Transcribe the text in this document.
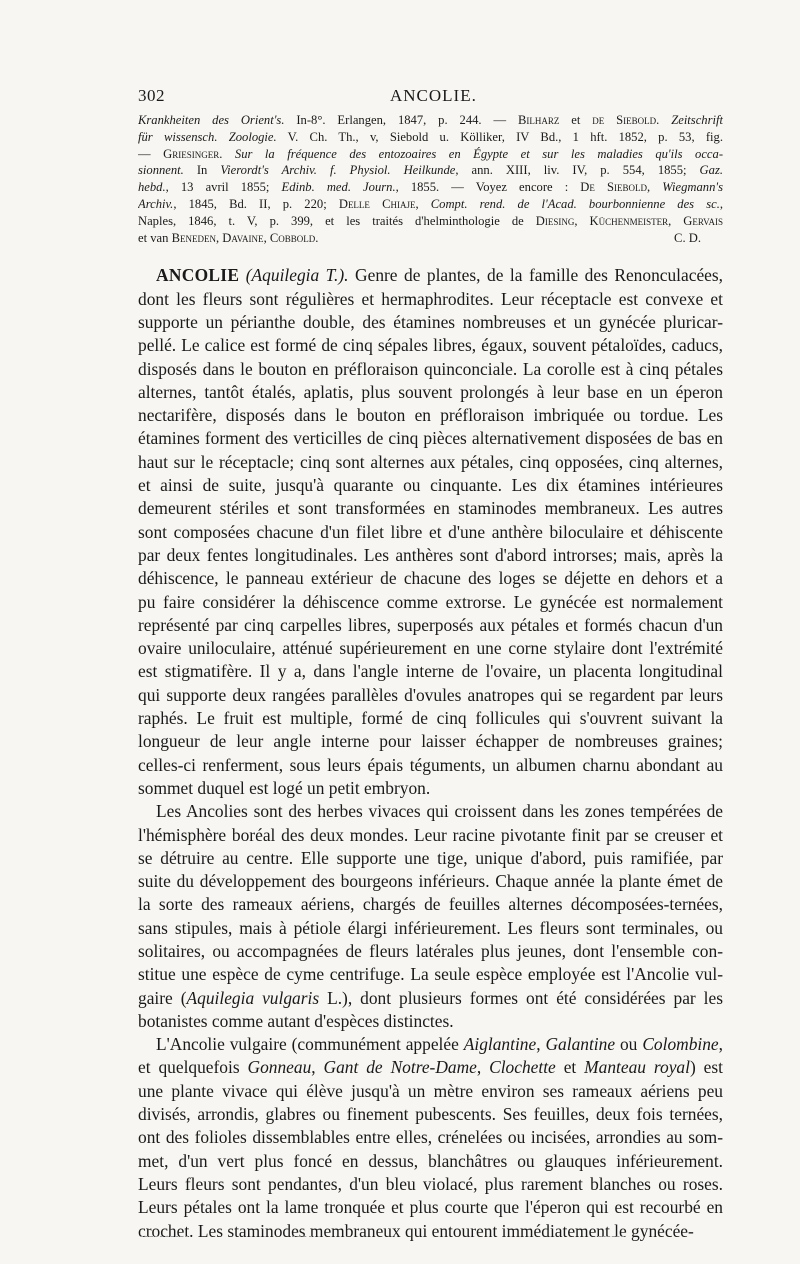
302	ANCOLIE.
Krankheiten des Orient's. In-8°. Erlangen, 1847, p. 244. — Bilharz et de Siebold. Zeitschrift
für wissensch. Zoologie. V. Ch. Th., v, Siebold u. Kölliker, IV Bd., 1 hft. 1852, p. 53, fig.
— Griesinger. Sur la fréquence des entozoaires en Égypte et sur les maladies qu'ils occa-
sionnent. In Vierordt's Archiv. f. Physiol. Heilkunde, ann. XIII, liv. IV, p. 554, 1855; Gaz.
hebd., 13 avril 1855; Edinb. med. Journ., 1855. — Voyez encore : De Siebold, Wiegmann's
Archiv., 1845, Bd. II, p. 220; Delle Chiaje, Compt. rend. de l'Acad. bourbonnienne des sc.,
Naples, 1846, t. V, p. 399, et les traités d'helminthologie de Diesing, Küchenmeister, Gervais
et van Beneden, Davaine, Cobbold.	C. D.
ANCOLIE (Aquilegia T.). Genre de plantes, de la famille des Renonculacées,
dont les fleurs sont régulières et hermaphrodites. Leur réceptacle est convexe et
supporte un périanthe double, des étamines nombreuses et un gynécée pluricar-
pellé. Le calice est formé de cinq sépales libres, égaux, souvent pétaloïdes, caducs,
disposés dans le bouton en préfloraison quinconciale. La corolle est à cinq pétales
alternes, tantôt étalés, aplatis, plus souvent prolongés à leur base en un éperon
nectarifère, disposés dans le bouton en préfloraison imbriquée ou tordue. Les
étamines forment des verticilles de cinq pièces alternativement disposées de bas en
haut sur le réceptacle; cinq sont alternes aux pétales, cinq opposées, cinq alternes,
et ainsi de suite, jusqu'à quarante ou cinquante. Les dix étamines intérieures
demeurent stériles et sont transformées en staminodes membraneux. Les autres
sont composées chacune d'un filet libre et d'une anthère biloculaire et déhiscente
par deux fentes longitudinales. Les anthères sont d'abord introrses; mais, après la
déhiscence, le panneau extérieur de chacune des loges se déjette en dehors et a
pu faire considérer la déhiscence comme extrorse. Le gynécée est normalement
représenté par cinq carpelles libres, superposés aux pétales et formés chacun d'un
ovaire uniloculaire, atténué supérieurement en une corne stylaire dont l'extrémité
est stigmatifère. Il y a, dans l'angle interne de l'ovaire, un placenta longitudinal
qui supporte deux rangées parallèles d'ovules anatropes qui se regardent par leurs
raphés. Le fruit est multiple, formé de cinq follicules qui s'ouvrent suivant la
longueur de leur angle interne pour laisser échapper de nombreuses graines;
celles-ci renferment, sous leurs épais téguments, un albumen charnu abondant au
sommet duquel est logé un petit embryon.
Les Ancolies sont des herbes vivaces qui croissent dans les zones tempérées de
l'hémisphère boréal des deux mondes. Leur racine pivotante finit par se creuser et
se détruire au centre. Elle supporte une tige, unique d'abord, puis ramifiée, par
suite du développement des bourgeons inférieurs. Chaque année la plante émet de
la sorte des rameaux aériens, chargés de feuilles alternes décomposées-ternées,
sans stipules, mais à pétiole élargi inférieurement. Les fleurs sont terminales, ou
solitaires, ou accompagnées de fleurs latérales plus jeunes, dont l'ensemble con-
stitue une espèce de cyme centrifuge. La seule espèce employée est l'Ancolie vul-
gaire (Aquilegia vulgaris L.), dont plusieurs formes ont été considérées par les
botanistes comme autant d'espèces distinctes.
L'Ancolie vulgaire (communément appelée Aiglantine, Galantine ou Colombine,
et quelquefois Gonneau, Gant de Notre-Dame, Clochette et Manteau royal) est
une plante vivace qui élève jusqu'à un mètre environ ses rameaux aériens peu
divisés, arrondis, glabres ou finement pubescents. Ses feuilles, deux fois ternées,
ont des folioles dissemblables entre elles, crénelées ou incisées, arrondies au som-
met, d'un vert plus foncé en dessus, blanchâtres ou glauques inférieurement.
Leurs fleurs sont pendantes, d'un bleu violacé, plus rarement blanches ou roses.
Leurs pétales ont la lame tronquée et plus courte que l'éperon qui est recourbé en
crochet. Les staminodes membraneux qui entourent immédiatement le gynécée-
